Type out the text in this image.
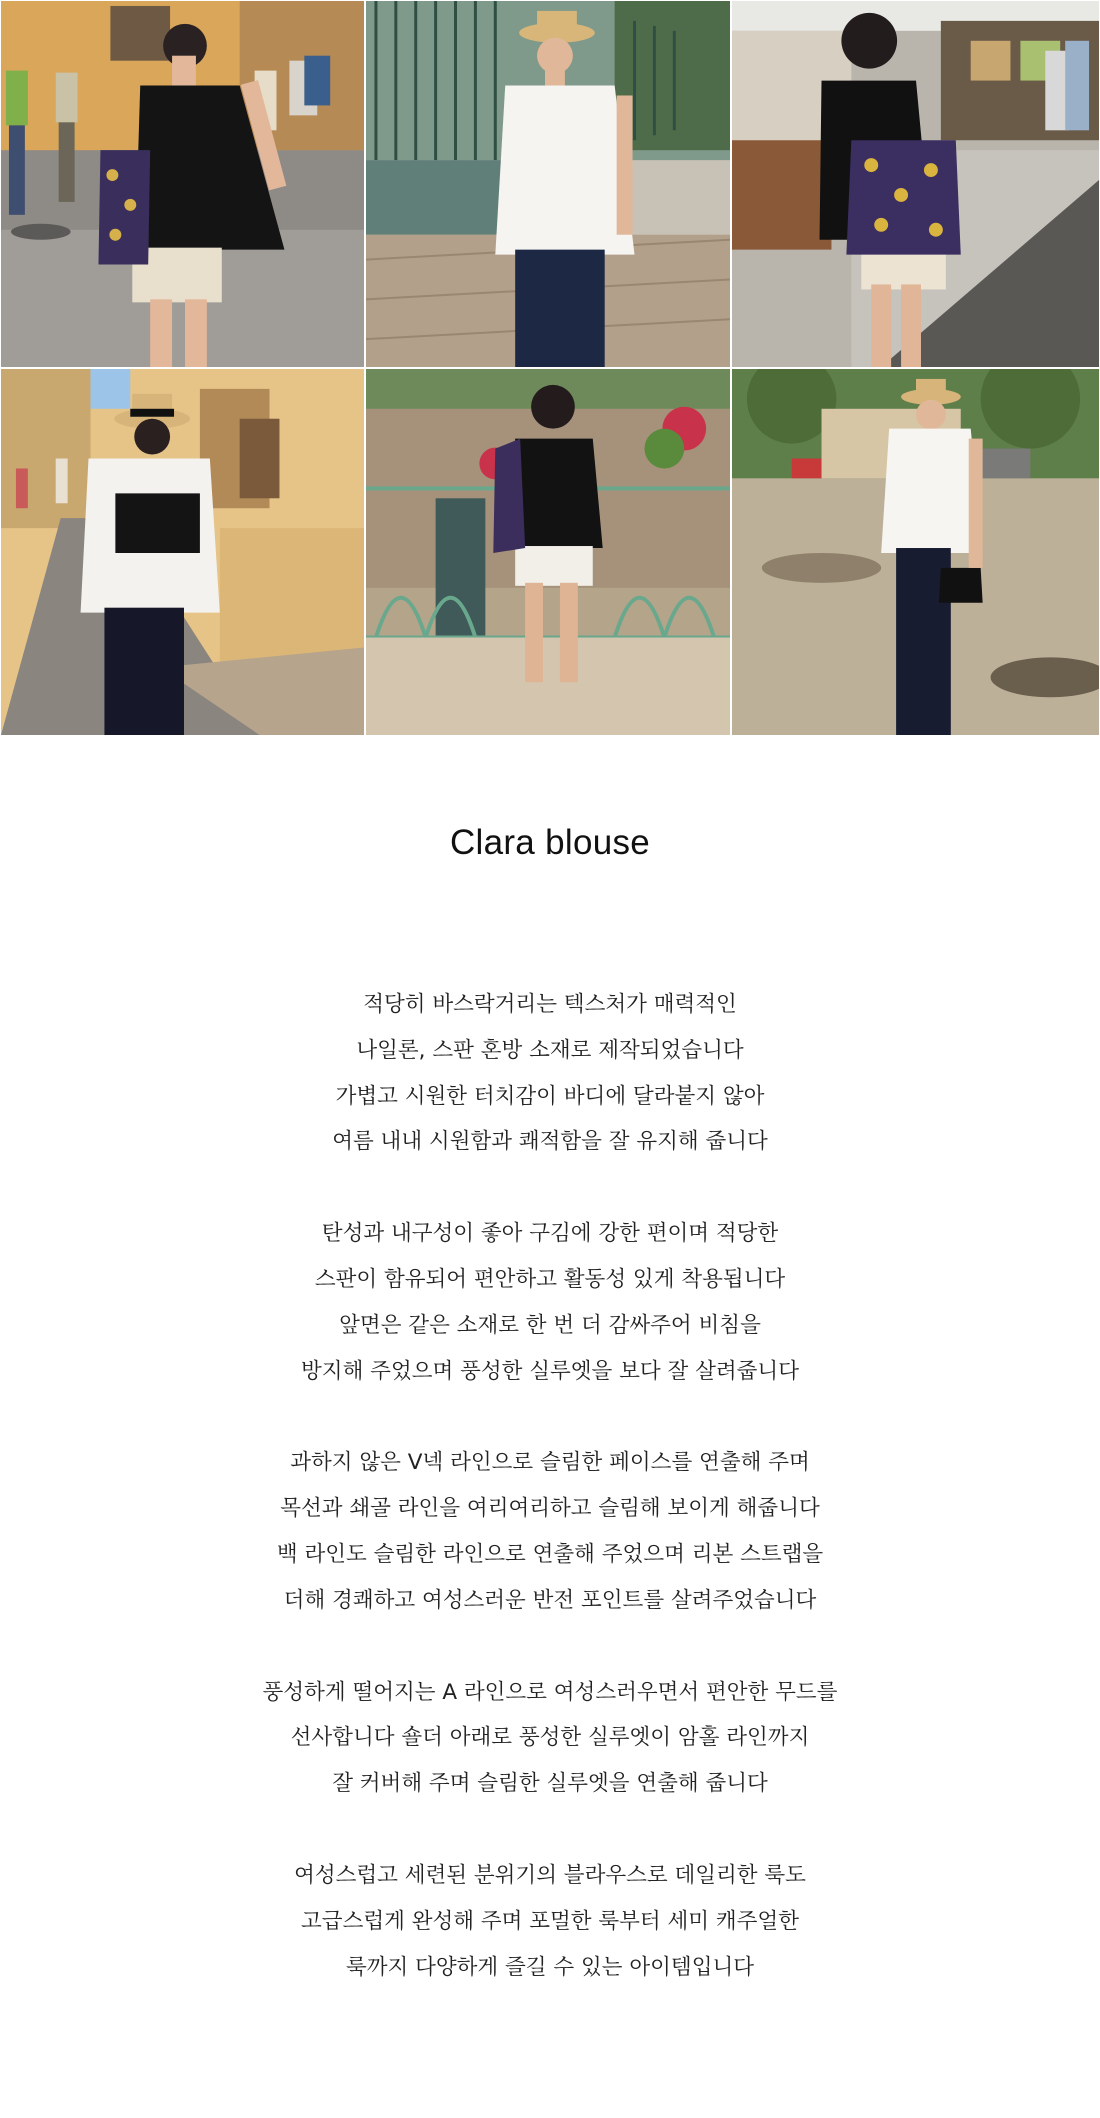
Clara blouse
적당히 바스락거리는 텍스처가 매력적인
나일론, 스판 혼방 소재로 제작되었습니다
가볍고 시원한 터치감이 바디에 달라붙지 않아
여름 내내 시원함과 쾌적함을 잘 유지해 줍니다
탄성과 내구성이 좋아 구김에 강한 편이며 적당한
스판이 함유되어 편안하고 활동성 있게 착용됩니다
앞면은 같은 소재로 한 번 더 감싸주어 비침을
방지해 주었으며 풍성한 실루엣을 보다 잘 살려줍니다
과하지 않은 V넥 라인으로 슬림한 페이스를 연출해 주며
목선과 쇄골 라인을 여리여리하고 슬림해 보이게 해줍니다
백 라인도 슬림한 라인으로 연출해 주었으며 리본 스트랩을
더해 경쾌하고 여성스러운 반전 포인트를 살려주었습니다
풍성하게 떨어지는 A 라인으로 여성스러우면서 편안한 무드를
선사합니다 숄더 아래로 풍성한 실루엣이 암홀 라인까지
잘 커버해 주며 슬림한 실루엣을 연출해 줍니다
여성스럽고 세련된 분위기의 블라우스로 데일리한 룩도
고급스럽게 완성해 주며 포멀한 룩부터 세미 캐주얼한
룩까지 다양하게 즐길 수 있는 아이템입니다
